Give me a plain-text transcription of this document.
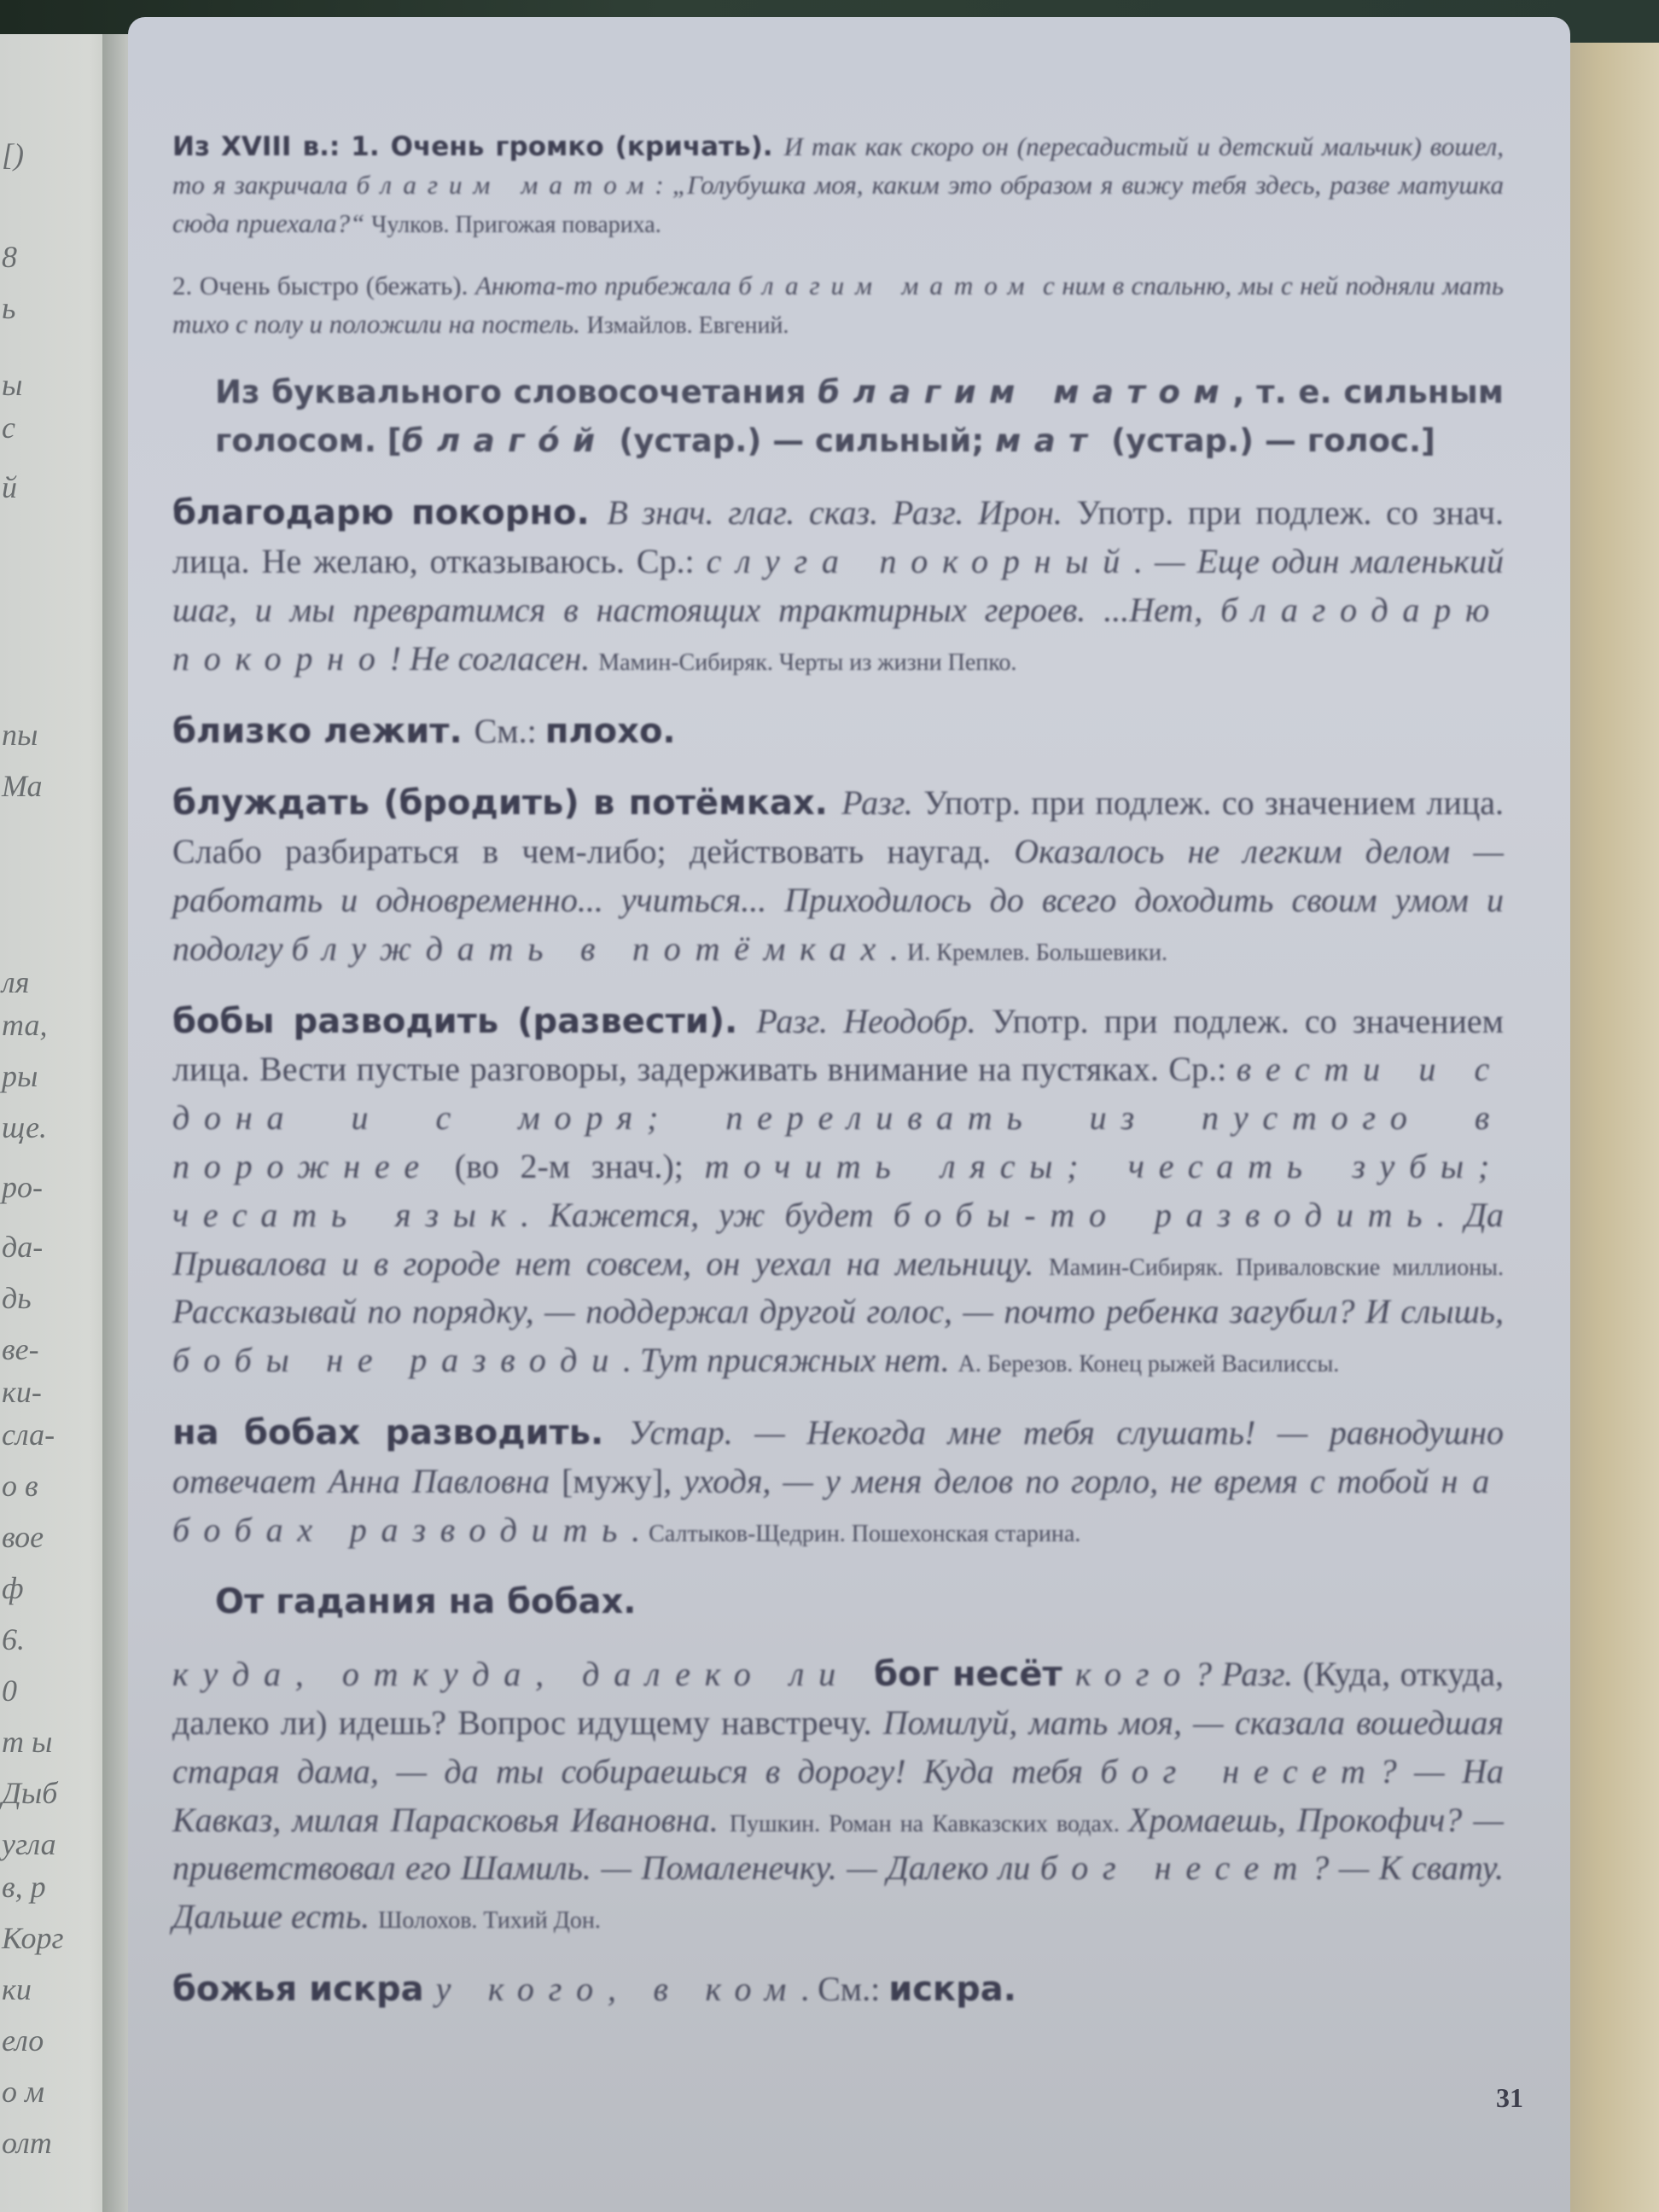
[)
8
ь
ы
c
й
nы
Ма
ля
та,
ры
ще.
ро-
да-
дь
ве-
ки-
сла-
о в
вое
ф
6.
0
т ы
Дыб
угла
в, р
Корг
ки
ело
о м
олт

Из XVIII в.: 1. Очень громко (кричать). И так как скоро он (пересадистый и детский мальчик) вошел, то я закричала благим матом: „Голубушка моя, каким это образом я вижу тебя здесь, разве матушка сюда приехала?“ Чулков. Пригожая повариха.

2. Очень быстро (бежать). Анюта-то прибежала благим матом с ним в спальню, мы с ней подняли мать тихо с полу и положили на постель. Измайлов. Евгений.

Из буквального словосочетания благим матом, т. е. сильным голосом. [благо́й (устар.) — сильный; мат (устар.) — голос.]

благодарю покорно. В знач. глаг. сказ. Разг. Ирон. Употр. при подлеж. со знач. лица. Не желаю, отказываюсь. Ср.: слуга покорный. — Еще один маленький шаг, и мы превратимся в настоящих трактирных героев. ...Нет, благодарю покорно! Не согласен. Мамин-Сибиряк. Черты из жизни Пепко.

близко лежит. См.: плохо.

блуждать (бродить) в потёмках. Разг. Употр. при подлеж. со значением лица. Слабо разбираться в чем-либо; действовать наугад. Оказалось не легким делом — работать и одновременно... учиться... Приходилось до всего доходить своим умом и подолгу блуждать в потёмках. И. Кремлев. Большевики.

бобы разводить (развести). Разг. Неодобр. Употр. при подлеж. со значением лица. Вести пустые разговоры, задерживать внимание на пустяках. Ср.: вести и с дона и с моря; переливать из пустого в порожнее (во 2-м знач.); точить лясы; чесать зубы; чесать язык. Кажется, уж будет бобы-то разводить. Да Привалова и в городе нет совсем, он уехал на мельницу. Мамин-Сибиряк. Приваловские миллионы. Рассказывай по порядку, — поддержал другой голос, — почто ребенка загубил? И слышь, бобы не разводи. Тут присяжных нет. А. Березов. Конец рыжей Василиссы.

на бобах разводить. Устар. — Некогда мне тебя слушать! — равнодушно отвечает Анна Павловна [мужу], уходя, — у меня делов по горло, не время с тобой на бобах разводить. Салтыков-Щедрин. Пошехонская старина.

От гадания на бобах.

куда, откуда, далеко ли бог несёт кого? Разг. (Куда, откуда, далеко ли) идешь? Вопрос идущему навстречу. Помилуй, мать моя, — сказала вошедшая старая дама, — да ты собираешься в дорогу! Куда тебя бог несет? — На Кавказ, милая Парасковья Ивановна. Пушкин. Роман на Кавказских водах. Хромаешь, Прокофич? — приветствовал его Шамиль. — Помаленечку. — Далеко ли бог несет? — К свату. Дальше есть. Шолохов. Тихий Дон.

божья искра у кого, в ком. См.: искра.

31
